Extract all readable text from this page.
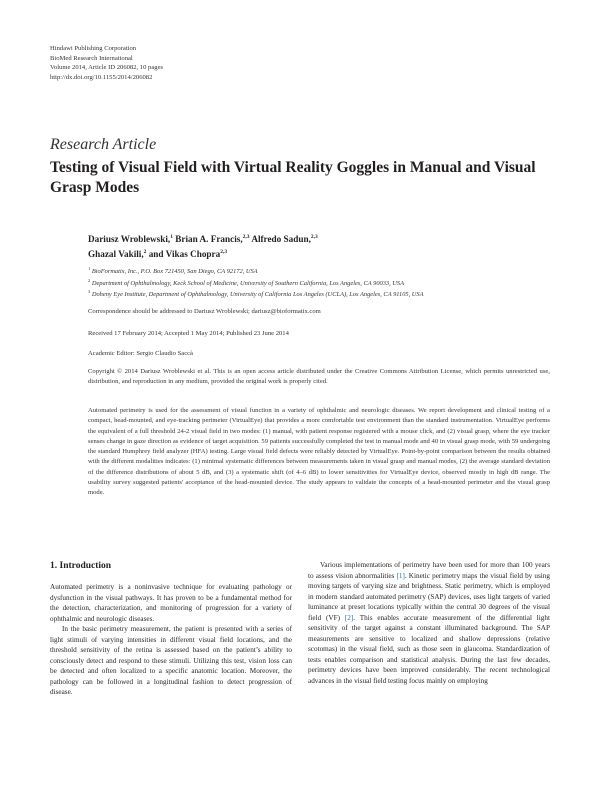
Hindawi Publishing Corporation
BioMed Research International
Volume 2014, Article ID 206082, 10 pages
http://dx.doi.org/10.1155/2014/206082
Research Article
Testing of Visual Field with Virtual Reality Goggles in Manual and Visual Grasp Modes
Dariusz Wroblewski,$^1$ Brian A. Francis,$^{2,3}$ Alfredo Sadun,$^{2,3}$
Ghazal Vakili,$^2$ and Vikas Chopra$^{2,3}$
$^1$ BioFormatix, Inc., P.O. Box 721450, San Diego, CA 92172, USA
$^2$ Department of Ophthalmology, Keck School of Medicine, University of Southern California, Los Angeles, CA 90033, USA
$^3$ Doheny Eye Institute, Department of Ophthalmology, University of California Los Angeles (UCLA), Los Angeles, CA 91105, USA
Correspondence should be addressed to Dariusz Wroblewski; dariusz@bioformatix.com
Received 17 February 2014; Accepted 1 May 2014; Published 23 June 2014
Academic Editor: Sergio Claudio Saccà

Copyright © 2014 Dariusz Wroblewski et al. This is an open access article distributed under the Creative Commons Attribution License, which permits unrestricted use, distribution, and reproduction in any medium, provided the original work is properly cited.

Automated perimetry is used for the assessment of visual function in a variety of ophthalmic and neurologic diseases. We report development and clinical testing of a compact, head-mounted, and eye-tracking perimeter (VirtualEye) that provides a more comfortable test environment than the standard instrumentation. VirtualEye performs the equivalent of a full threshold 24-2 visual field in two modes: (1) manual, with patient response registered with a mouse click, and (2) visual grasp, where the eye tracker senses change in gaze direction as evidence of target acquisition. 59 patients successfully completed the test in manual mode and 40 in visual grasp mode, with 59 undergoing the standard Humphrey field analyzer (HFA) testing. Large visual field defects were reliably detected by VirtualEye. Point-by-point comparison between the results obtained with the different modalities indicates: (1) minimal systematic differences between measurements taken in visual grasp and manual modes, (2) the average standard deviation of the difference distributions of about 5 dB, and (3) a systematic shift (of 4–6 dB) to lower sensitivities for VirtualEye device, observed mostly in high dB range. The usability survey suggested patients' acceptance of the head-mounted device. The study appears to validate the concepts of a head-mounted perimeter and the visual grasp mode.

1. Introduction

Automated perimetry is a noninvasive technique for evaluating pathology or dysfunction in the visual pathways. It has proven to be a fundamental method for the detection, characterization, and monitoring of progression for a variety of ophthalmic and neurologic diseases.

In the basic perimetry measurement, the patient is presented with a series of light stimuli of varying intensities in different visual field locations, and the threshold sensitivity of the retina is assessed based on the patient’s ability to consciously detect and respond to these stimuli. Utilizing this test, vision loss can be detected and often localized to a specific anatomic location. Moreover, the pathology can be followed in a longitudinal fashion to detect progression of disease.

Various implementations of perimetry have been used for more than 100 years to assess vision abnormalities [1]. Kinetic perimetry maps the visual field by using moving targets of varying size and brightness. Static perimetry, which is employed in modern standard automated perimetry (SAP) devices, uses light targets of varied luminance at preset locations typically within the central 30 degrees of the visual field (VF) [2]. This enables accurate measurement of the differential light sensitivity of the target against a constant illuminated background. The SAP measurements are sensitive to localized and shallow depressions (relative scotomas) in the visual field, such as those seen in glaucoma. Standardization of tests enables comparison and statistical analysis. During the last few decades, perimetry devices have been improved considerably. The recent technological advances in the visual field testing focus mainly on employing
